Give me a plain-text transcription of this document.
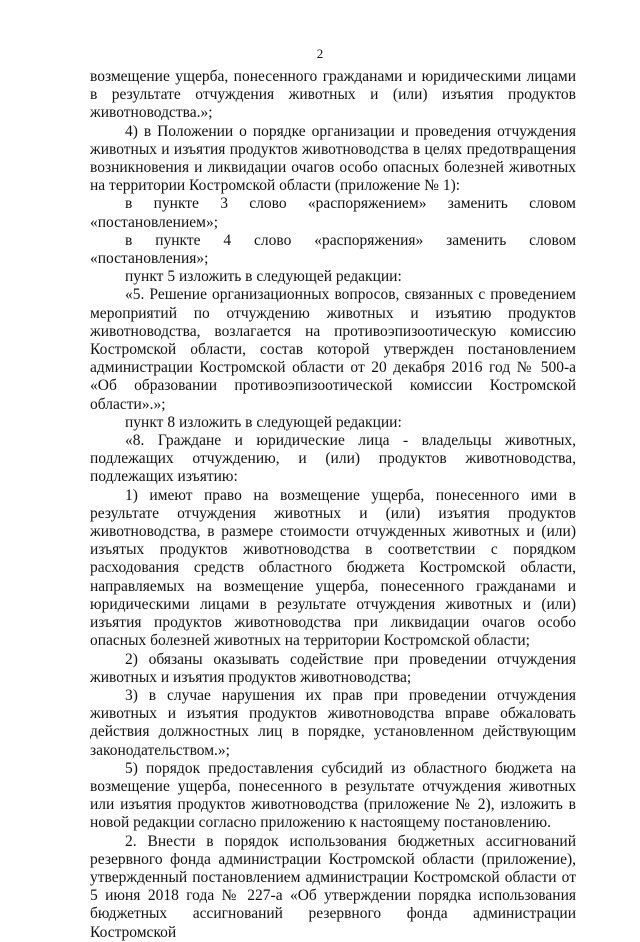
2

возмещение ущерба, понесенного гражданами и юридическими лицами в результате отчуждения животных и (или) изъятия продуктов животноводства.»;

4) в Положении о порядке организации и проведения отчуждения животных и изъятия продуктов животноводства в целях предотвращения возникновения и ликвидации очагов особо опасных болезней животных на территории Костромской области (приложение № 1):

в пункте 3 слово «распоряжением» заменить словом «постановлением»;

в пункте 4 слово «распоряжения» заменить словом «постановления»;

пункт 5 изложить в следующей редакции:

«5. Решение организационных вопросов, связанных с проведением мероприятий по отчуждению животных и изъятию продуктов животноводства, возлагается на противоэпизоотическую комиссию Костромской области, состав которой утвержден постановлением администрации Костромской области от 20 декабря 2016 год № 500-а «Об образовании противоэпизоотической комиссии Костромской области».»;

пункт 8 изложить в следующей редакции:

«8. Граждане и юридические лица - владельцы животных, подлежащих отчуждению, и (или) продуктов животноводства, подлежащих изъятию:

1) имеют право на возмещение ущерба, понесенного ими в результате отчуждения животных и (или) изъятия продуктов животноводства, в размере стоимости отчужденных животных и (или) изъятых продуктов животноводства в соответствии с порядком расходования средств областного бюджета Костромской области, направляемых на возмещение ущерба, понесенного гражданами и юридическими лицами в результате отчуждения животных и (или) изъятия продуктов животноводства при ликвидации очагов особо опасных болезней животных на территории Костромской области;

2) обязаны оказывать содействие при проведении отчуждения животных и изъятия продуктов животноводства;

3) в случае нарушения их прав при проведении отчуждения животных и изъятия продуктов животноводства вправе обжаловать действия должностных лиц в порядке, установленном действующим законодательством.»;

5) порядок предоставления субсидий из областного бюджета на возмещение ущерба, понесенного в результате отчуждения животных или изъятия продуктов животноводства (приложение № 2), изложить в новой редакции согласно приложению к настоящему постановлению.

2. Внести в порядок использования бюджетных ассигнований резервного фонда администрации Костромской области (приложение), утвержденный постановлением администрации Костромской области от 5 июня 2018 года № 227-а «Об утверждении порядка использования бюджетных ассигнований резервного фонда администрации Костромской
